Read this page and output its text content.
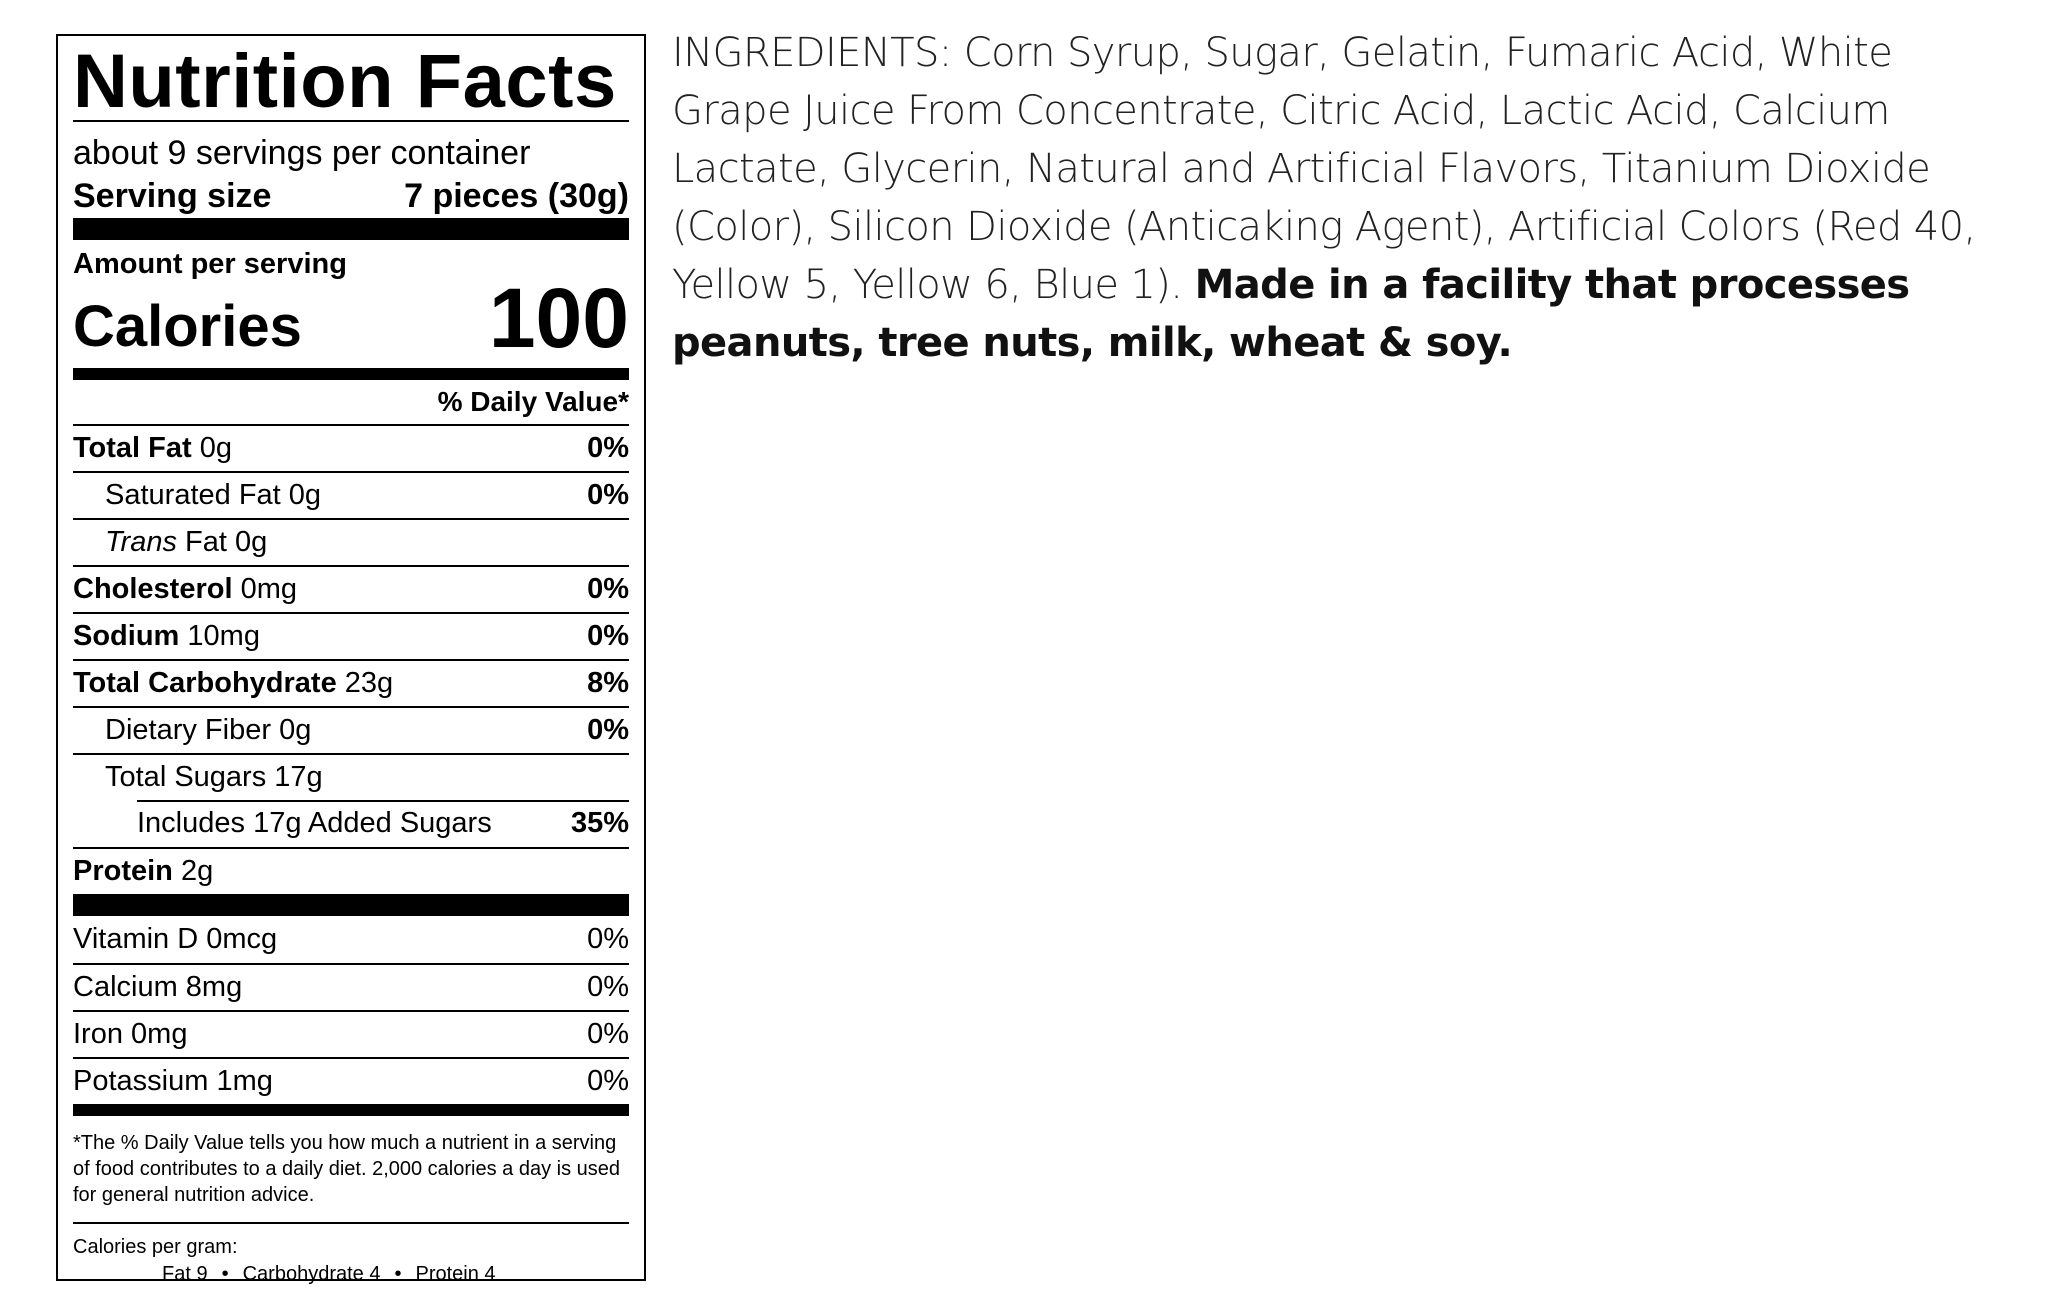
Nutrition Facts
about 9 servings per container
Serving size	7 pieces (30g)
Amount per serving
Calories 100
% Daily Value*
Total Fat 0g	0%
Saturated Fat 0g	0%
Trans Fat 0g
Cholesterol 0mg	0%
Sodium 10mg	0%
Total Carbohydrate 23g	8%
Dietary Fiber 0g	0%
Total Sugars 17g
Includes 17g Added Sugars	35%
Protein 2g
Vitamin D 0mcg	0%
Calcium 8mg	0%
Iron 0mg	0%
Potassium 1mg	0%
*The % Daily Value tells you how much a nutrient in a serving of food contributes to a daily diet. 2,000 calories a day is used for general nutrition advice.
Calories per gram:
Fat 9 • Carbohydrate 4 • Protein 4
INGREDIENTS: Corn Syrup, Sugar, Gelatin, Fumaric Acid, White Grape Juice From Concentrate, Citric Acid, Lactic Acid, Calcium Lactate, Glycerin, Natural and Artificial Flavors, Titanium Dioxide (Color), Silicon Dioxide (Anticaking Agent), Artificial Colors (Red 40, Yellow 5, Yellow 6, Blue 1). Made in a facility that processes peanuts, tree nuts, milk, wheat & soy.
